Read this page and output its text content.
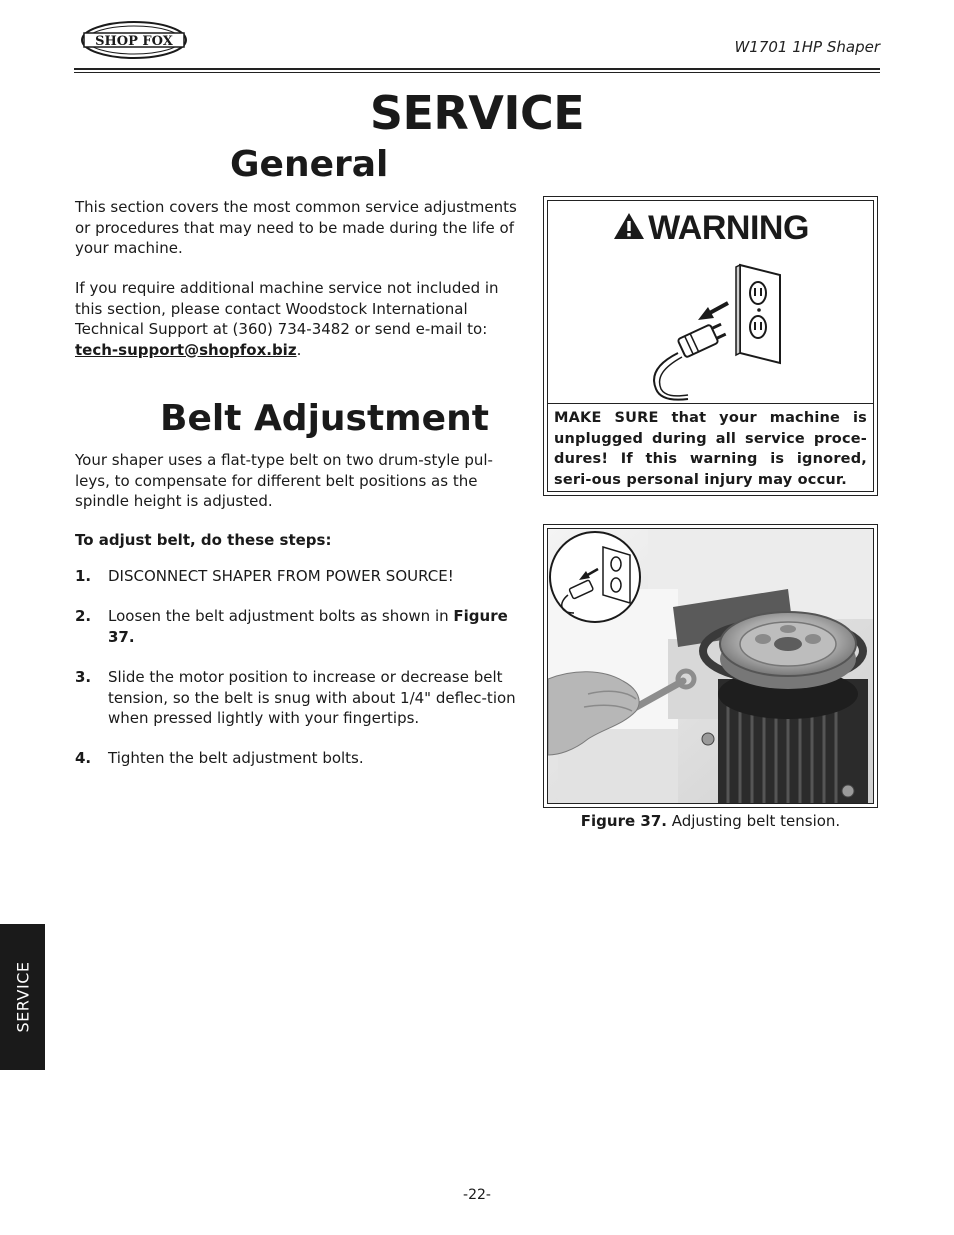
SHOP FOX	W1701 1HP Shaper
SERVICE
General
This section covers the most common service adjustments or procedures that may need to be made during the life of your machine.
If you require additional machine service not included in this section, please contact Woodstock International Technical Support at (360) 734-3482 or send e-mail to: tech-support@shopfox.biz.
Belt Adjustment
Your shaper uses a flat-type belt on two drum-style pul-leys, to compensate for different belt positions as the spindle height is adjusted.
To adjust belt, do these steps:
1. DISCONNECT SHAPER FROM POWER SOURCE!
2. Loosen the belt adjustment bolts as shown in Figure 37.
3. Slide the motor position to increase or decrease belt tension, so the belt is snug with about 1/4" deflec-tion when pressed lightly with your fingertips.
4. Tighten the belt adjustment bolts.
WARNING
MAKE SURE that your machine is unplugged during all service proce-dures! If this warning is ignored, seri-ous personal injury may occur.
Figure 37. Adjusting belt tension.
SERVICE
-22-
